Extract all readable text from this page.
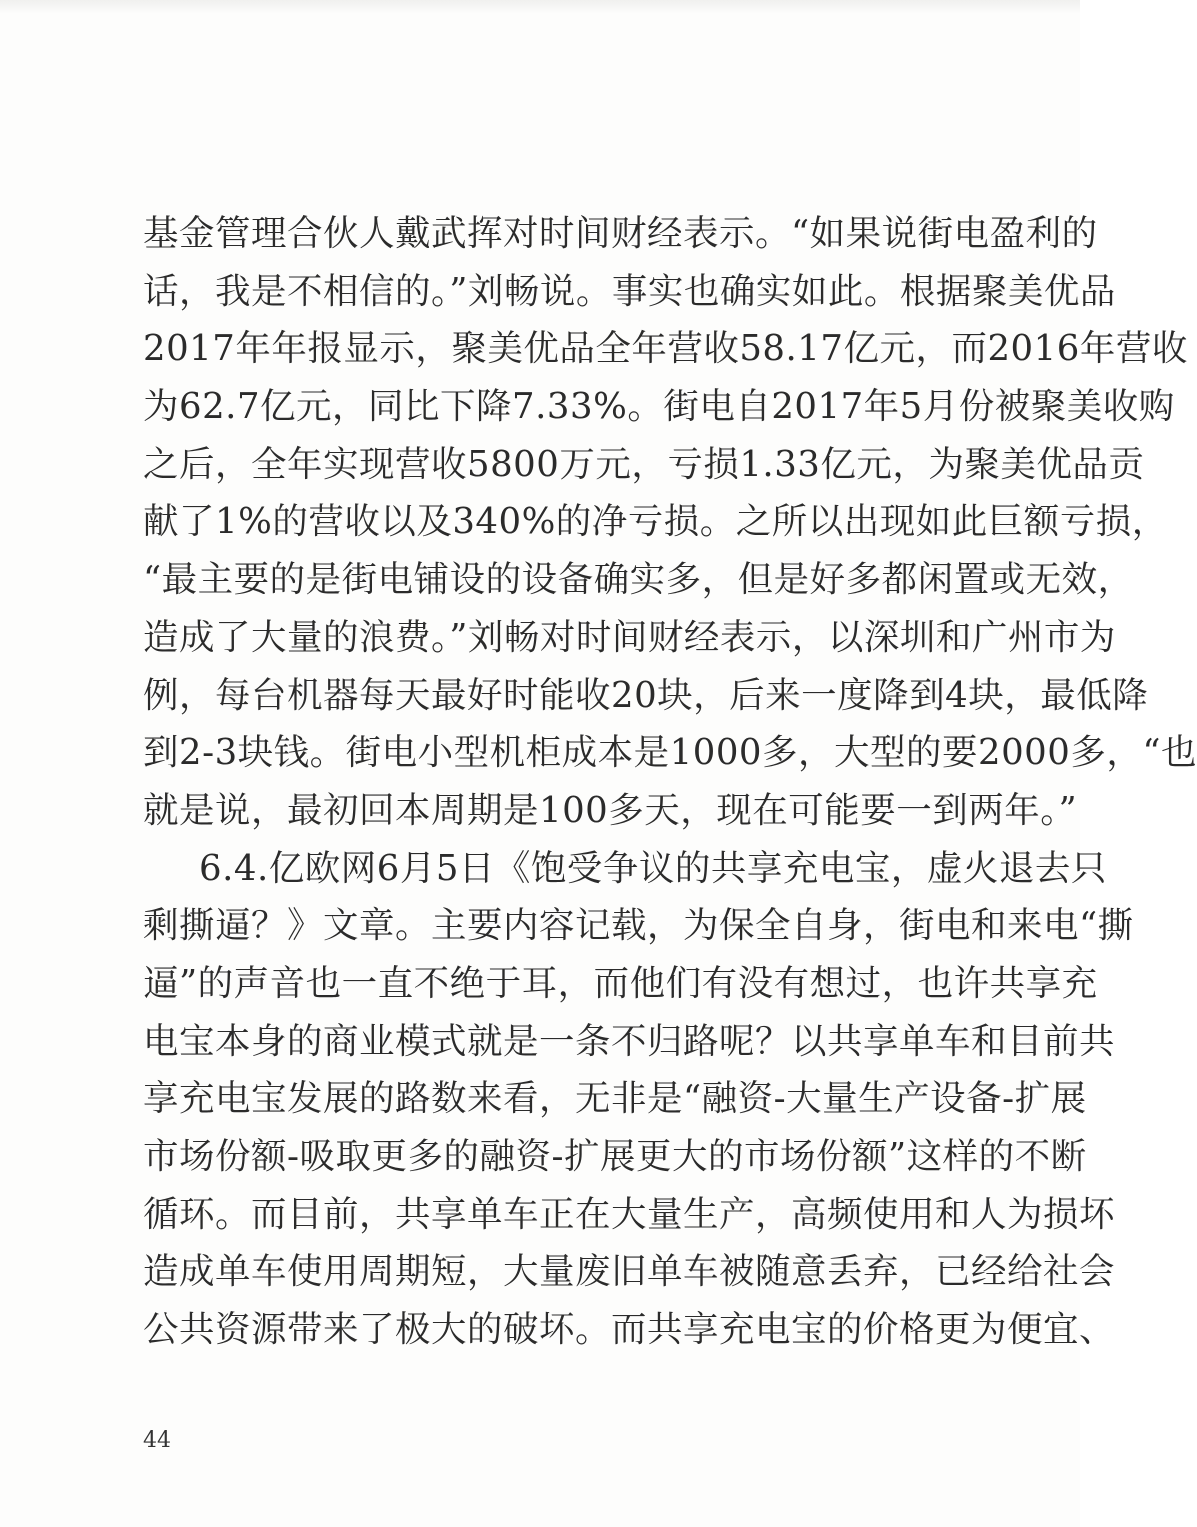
基金管理合伙人戴武挥对时间财经表示。“如果说街电盈利的
话，我是不相信的。”刘畅说。事实也确实如此。根据聚美优品
2017年年报显示，聚美优品全年营收58.17亿元，而2016年营收
为62.7亿元，同比下降7.33%。街电自2017年5月份被聚美收购
之后，全年实现营收5800万元，亏损1.33亿元，为聚美优品贡
献了1%的营收以及340%的净亏损。之所以出现如此巨额亏损，
“最主要的是街电铺设的设备确实多，但是好多都闲置或无效，
造成了大量的浪费。”刘畅对时间财经表示，以深圳和广州市为
例，每台机器每天最好时能收20块，后来一度降到4块，最低降
到2-3块钱。街电小型机柜成本是1000多，大型的要2000多，“也
就是说，最初回本周期是100多天，现在可能要一到两年。”
6.4.亿欧网6月5日《饱受争议的共享充电宝，虚火退去只
剩撕逼？》文章。主要内容记载，为保全自身，街电和来电“撕
逼”的声音也一直不绝于耳，而他们有没有想过，也许共享充
电宝本身的商业模式就是一条不归路呢？以共享单车和目前共
享充电宝发展的路数来看，无非是“融资-大量生产设备-扩展
市场份额-吸取更多的融资-扩展更大的市场份额”这样的不断
循环。而目前，共享单车正在大量生产，高频使用和人为损坏
造成单车使用周期短，大量废旧单车被随意丢弃，已经给社会
公共资源带来了极大的破坏。而共享充电宝的价格更为便宜、
44
